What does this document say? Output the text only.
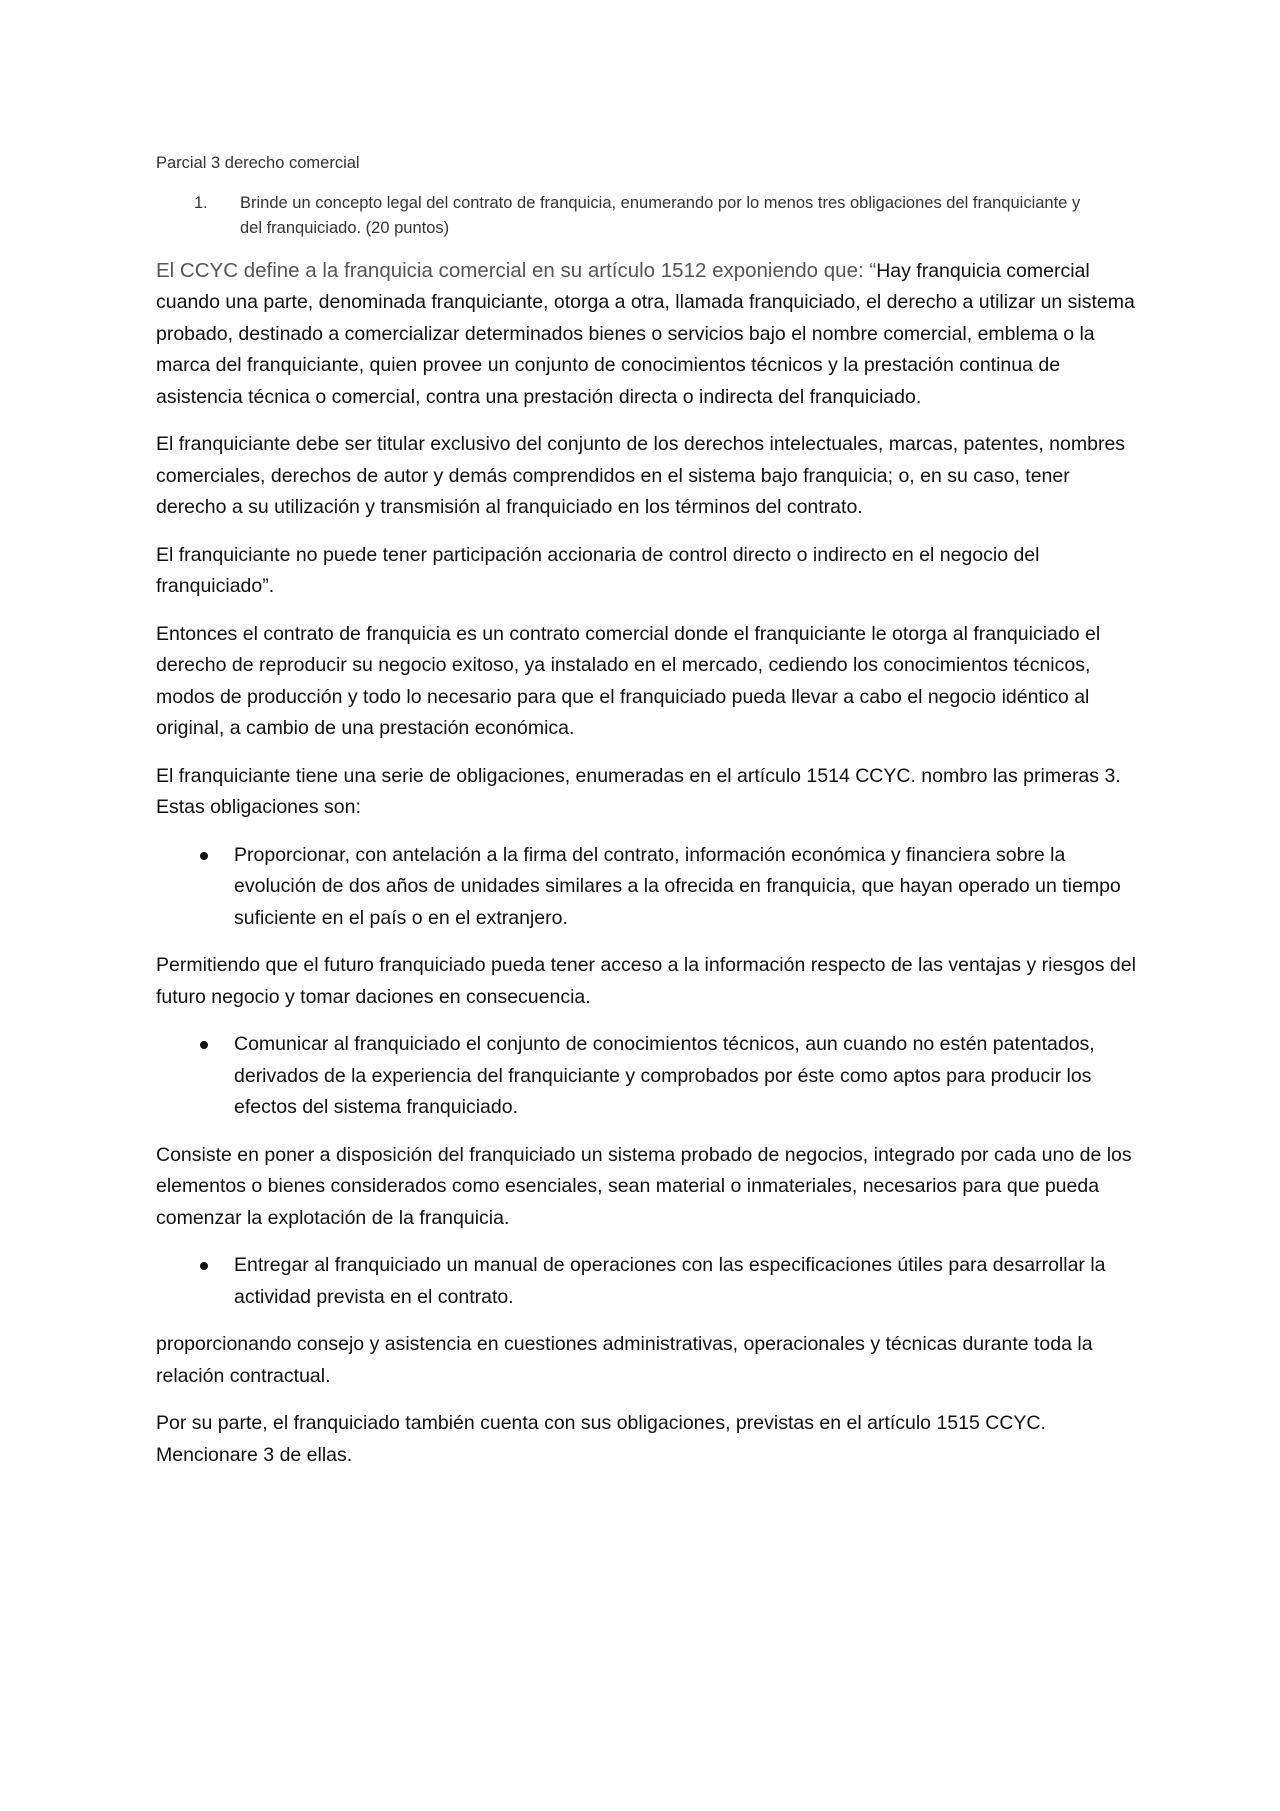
Parcial 3 derecho comercial
1.	Brinde un concepto legal del contrato de franquicia, enumerando por lo menos tres obligaciones del franquiciante y del franquiciado. (20 puntos)

El CCYC define a la franquicia comercial en su artículo 1512 exponiendo que: “Hay franquicia comercial cuando una parte, denominada franquiciante, otorga a otra, llamada franquiciado, el derecho a utilizar un sistema probado, destinado a comercializar determinados bienes o servicios bajo el nombre comercial, emblema o la marca del franquiciante, quien provee un conjunto de conocimientos técnicos y la prestación continua de asistencia técnica o comercial, contra una prestación directa o indirecta del franquiciado.

El franquiciante debe ser titular exclusivo del conjunto de los derechos intelectuales, marcas, patentes, nombres comerciales, derechos de autor y demás comprendidos en el sistema bajo franquicia; o, en su caso, tener derecho a su utilización y transmisión al franquiciado en los términos del contrato.

El franquiciante no puede tener participación accionaria de control directo o indirecto en el negocio del franquiciado”.

Entonces el contrato de franquicia es un contrato comercial donde el franquiciante le otorga al franquiciado el derecho de reproducir su negocio exitoso, ya instalado en el mercado, cediendo los conocimientos técnicos, modos de producción y todo lo necesario para que el franquiciado pueda llevar a cabo el negocio idéntico al original, a cambio de una prestación económica.

El franquiciante tiene una serie de obligaciones, enumeradas en el artículo 1514 CCYC. nombro las primeras 3. Estas obligaciones son:

Proporcionar, con antelación a la firma del contrato, información económica y financiera sobre la evolución de dos años de unidades similares a la ofrecida en franquicia, que hayan operado un tiempo suficiente en el país o en el extranjero.

Permitiendo que el futuro franquiciado pueda tener acceso a la información respecto de las ventajas y riesgos del futuro negocio y tomar daciones en consecuencia.

Comunicar al franquiciado el conjunto de conocimientos técnicos, aun cuando no estén patentados, derivados de la experiencia del franquiciante y comprobados por éste como aptos para producir los efectos del sistema franquiciado.

Consiste en poner a disposición del franquiciado un sistema probado de negocios, integrado por cada uno de los elementos o bienes considerados como esenciales, sean material o inmateriales, necesarios para que pueda comenzar la explotación de la franquicia.

Entregar al franquiciado un manual de operaciones con las especificaciones útiles para desarrollar la actividad prevista en el contrato.

proporcionando consejo y asistencia en cuestiones administrativas, operacionales y técnicas durante toda la relación contractual.

Por su parte, el franquiciado también cuenta con sus obligaciones, previstas en el artículo 1515 CCYC. Mencionare 3 de ellas.
